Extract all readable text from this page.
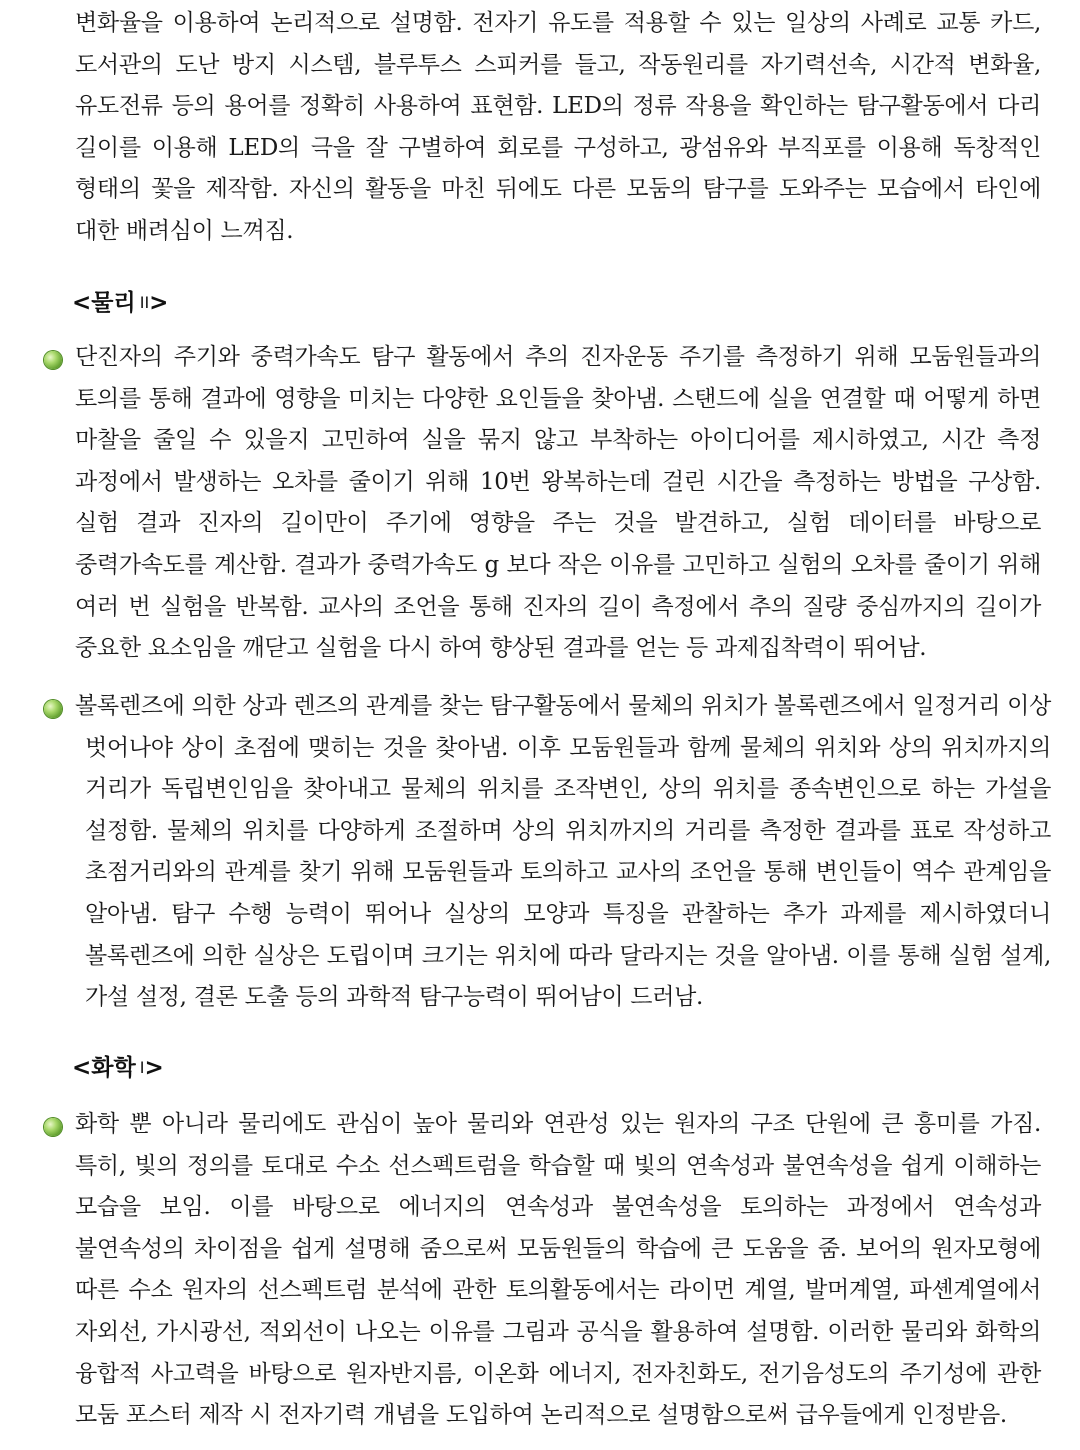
변화율을 이용하여 논리적으로 설명함. 전자기 유도를 적용할 수 있는 일상의 사례로 교통 카드, 도서관의 도난 방지 시스템, 블루투스 스피커를 들고, 작동원리를 자기력선속, 시간적 변화율, 유도전류 등의 용어를 정확히 사용하여 표현함. LED의 정류 작용을 확인하는 탐구활동에서 다리 길이를 이용해 LED의 극을 잘 구별하여 회로를 구성하고, 광섬유와 부직포를 이용해 독창적인 형태의 꽃을 제작함. 자신의 활동을 마친 뒤에도 다른 모둠의 탐구를 도와주는 모습에서 타인에 대한 배려심이 느껴짐.
<물리 II>
단진자의 주기와 중력가속도 탐구 활동에서 추의 진자운동 주기를 측정하기 위해 모둠원들과의 토의를 통해 결과에 영향을 미치는 다양한 요인들을 찾아냄. 스탠드에 실을 연결할 때 어떻게 하면 마찰을 줄일 수 있을지 고민하여 실을 묶지 않고 부착하는 아이디어를 제시하였고, 시간 측정 과정에서 발생하는 오차를 줄이기 위해 10번 왕복하는데 걸린 시간을 측정하는 방법을 구상함. 실험 결과 진자의 길이만이 주기에 영향을 주는 것을 발견하고, 실험 데이터를 바탕으로 중력가속도를 계산함. 결과가 중력가속도 g 보다 작은 이유를 고민하고 실험의 오차를 줄이기 위해 여러 번 실험을 반복함. 교사의 조언을 통해 진자의 길이 측정에서 추의 질량 중심까지의 길이가 중요한 요소임을 깨닫고 실험을 다시 하여 향상된 결과를 얻는 등 과제집착력이 뛰어남.
볼록렌즈에 의한 상과 렌즈의 관계를 찾는 탐구활동에서 물체의 위치가 볼록렌즈에서 일정거리 이상 벗어나야 상이 초점에 맺히는 것을 찾아냄. 이후 모둠원들과 함께 물체의 위치와 상의 위치까지의 거리가 독립변인임을 찾아내고 물체의 위치를 조작변인, 상의 위치를 종속변인으로 하는 가설을 설정함. 물체의 위치를 다양하게 조절하며 상의 위치까지의 거리를 측정한 결과를 표로 작성하고 초점거리와의 관계를 찾기 위해 모둠원들과 토의하고 교사의 조언을 통해 변인들이 역수 관계임을 알아냄. 탐구 수행 능력이 뛰어나 실상의 모양과 특징을 관찰하는 추가 과제를 제시하였더니 볼록렌즈에 의한 실상은 도립이며 크기는 위치에 따라 달라지는 것을 알아냄. 이를 통해 실험 설계, 가설 설정, 결론 도출 등의 과학적 탐구능력이 뛰어남이 드러남.
<화학 I>
화학 뿐 아니라 물리에도 관심이 높아 물리와 연관성 있는 원자의 구조 단원에 큰 흥미를 가짐. 특히, 빛의 정의를 토대로 수소 선스펙트럼을 학습할 때 빛의 연속성과 불연속성을 쉽게 이해하는 모습을 보임. 이를 바탕으로 에너지의 연속성과 불연속성을 토의하는 과정에서 연속성과 불연속성의 차이점을 쉽게 설명해 줌으로써 모둠원들의 학습에 큰 도움을 줌. 보어의 원자모형에 따른 수소 원자의 선스펙트럼 분석에 관한 토의활동에서는 라이먼 계열, 발머계열, 파셴계열에서 자외선, 가시광선, 적외선이 나오는 이유를 그림과 공식을 활용하여 설명함. 이러한 물리와 화학의 융합적 사고력을 바탕으로 원자반지름, 이온화 에너지, 전자친화도, 전기음성도의 주기성에 관한 모둠 포스터 제작 시 전자기력 개념을 도입하여 논리적으로 설명함으로써 급우들에게 인정받음.
